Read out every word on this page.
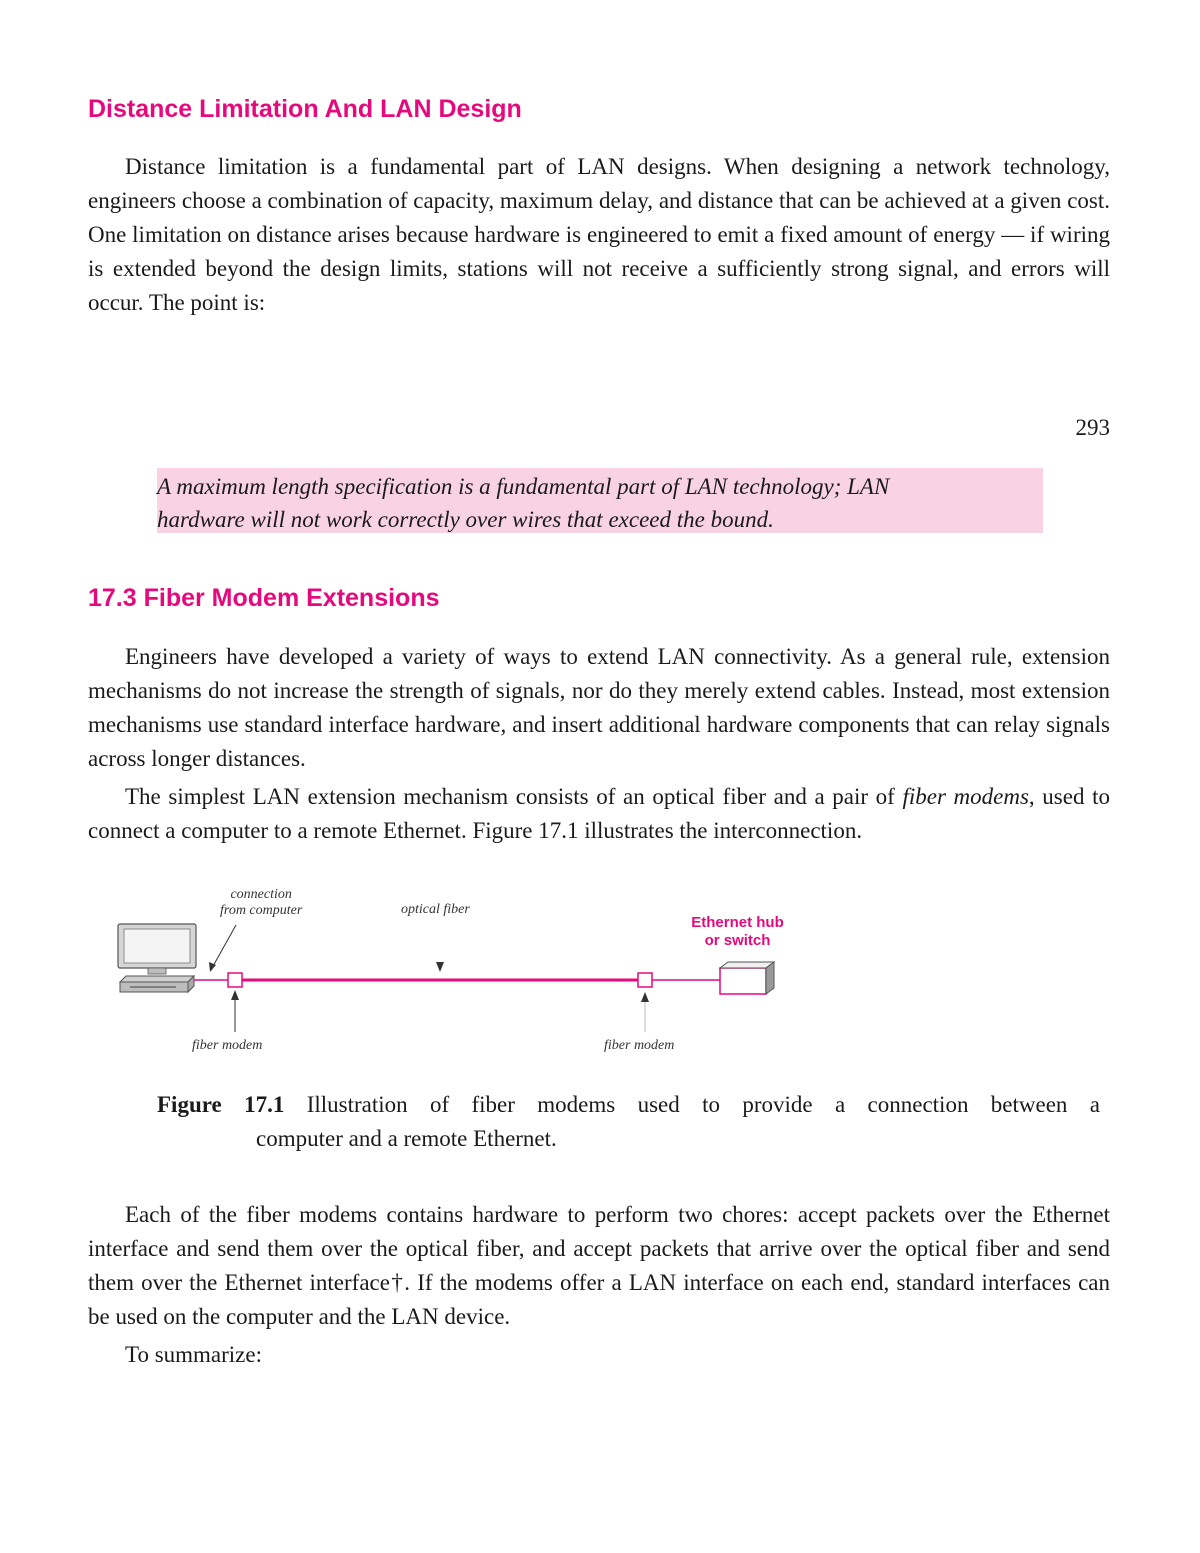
Distance Limitation And LAN Design

Distance limitation is a fundamental part of LAN designs. When designing a network technology, engineers choose a combination of capacity, maximum delay, and distance that can be achieved at a given cost. One limitation on distance arises because hardware is engineered to emit a fixed amount of energy — if wiring is extended beyond the design limits, stations will not receive a sufficiently strong signal, and errors will occur. The point is:

293

A maximum length specification is a fundamental part of LAN technology; LAN

hardware will not work correctly over wires that exceed the bound.

17.3 Fiber Modem Extensions

Engineers have developed a variety of ways to extend LAN connectivity. As a general rule, extension mechanisms do not increase the strength of signals, nor do they merely extend cables. Instead, most extension mechanisms use standard interface hardware, and insert additional hardware components that can relay signals across longer distances.

The simplest LAN extension mechanism consists of an optical fiber and a pair of fiber modems, used to connect a computer to a remote Ethernet. Figure 17.1 illustrates the interconnection.

connection
from computer	optical fiber
Ethernet hub
or switch
fiber modem	fiber modem
Figure 17.1 Illustration of fiber modems used to provide a connection between a
computer and a remote Ethernet.

Each of the fiber modems contains hardware to perform two chores: accept packets over the Ethernet interface and send them over the optical fiber, and accept packets that arrive over the optical fiber and send them over the Ethernet interface†. If the modems offer a LAN interface on each end, standard interfaces can be used on the computer and the LAN device.

To summarize:
